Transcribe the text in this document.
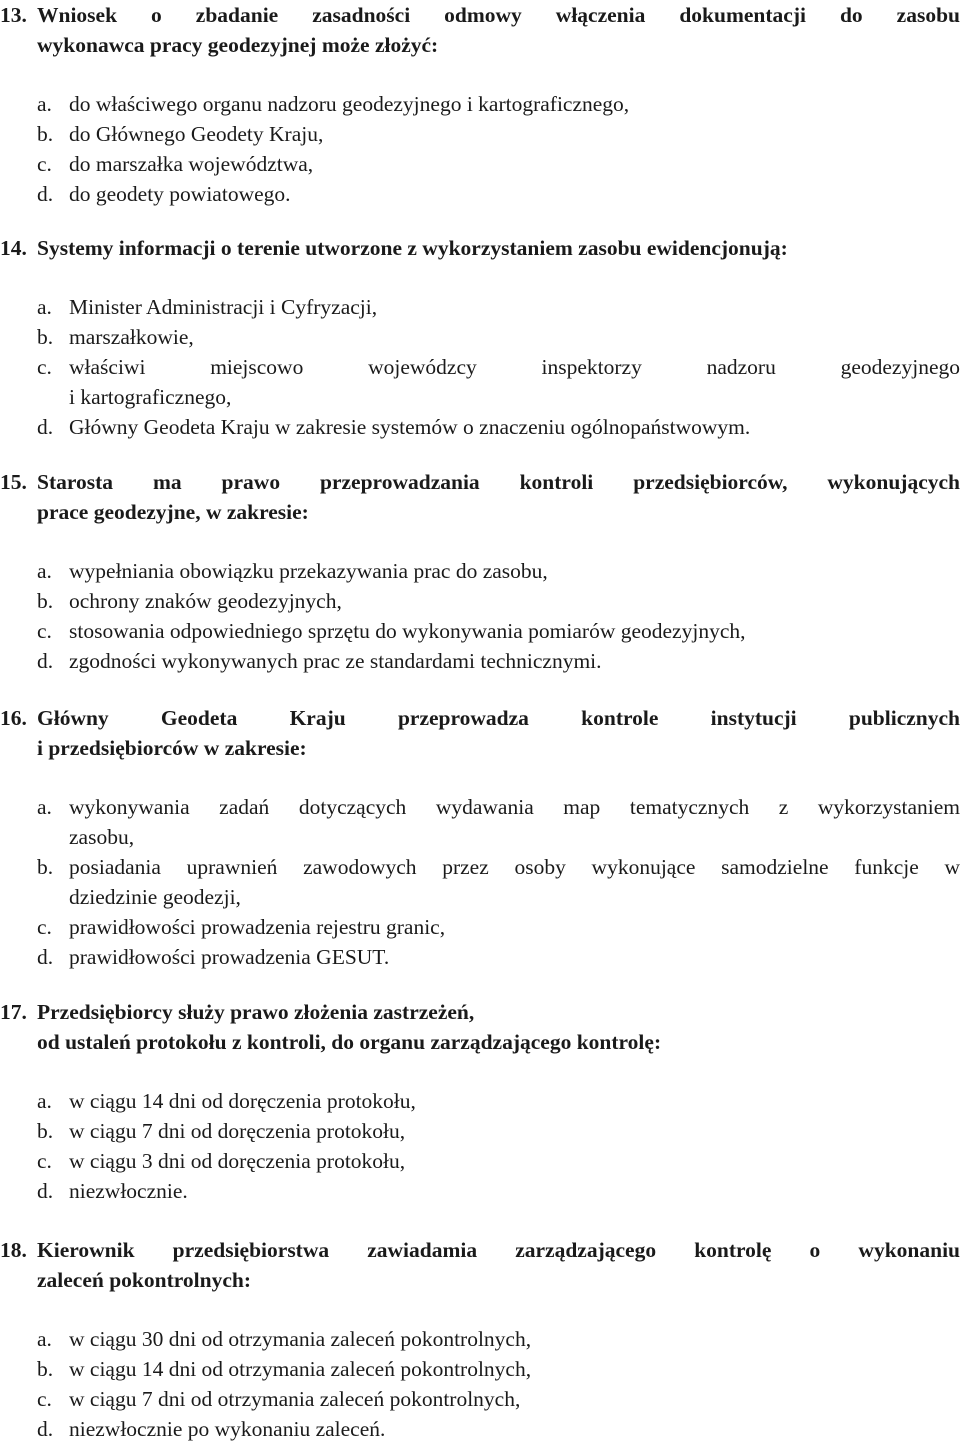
13. Wniosek o zbadanie zasadności odmowy włączenia dokumentacji do zasobu
wykonawca pracy geodezyjnej może złożyć:
a. do właściwego organu nadzoru geodezyjnego i kartograficznego,
b. do Głównego Geodety Kraju,
c. do marszałka województwa,
d. do geodety powiatowego.
14. Systemy informacji o terenie utworzone z wykorzystaniem zasobu ewidencjonują:
a. Minister Administracji i Cyfryzacji,
b. marszałkowie,
c. właściwi miejscowo wojewódzcy inspektorzy nadzoru geodezyjnego
i kartograficznego,
d. Główny Geodeta Kraju w zakresie systemów o znaczeniu ogólnopaństwowym.
15. Starosta ma prawo przeprowadzania kontroli przedsiębiorców, wykonujących
prace geodezyjne, w zakresie:
a. wypełniania obowiązku przekazywania prac do zasobu,
b. ochrony znaków geodezyjnych,
c. stosowania odpowiedniego sprzętu do wykonywania pomiarów geodezyjnych,
d. zgodności wykonywanych prac ze standardami technicznymi.
16. Główny Geodeta Kraju przeprowadza kontrole instytucji publicznych
i przedsiębiorców w zakresie:
a. wykonywania zadań dotyczących wydawania map tematycznych z wykorzystaniem
zasobu,
b. posiadania uprawnień zawodowych przez osoby wykonujące samodzielne funkcje w
dziedzinie geodezji,
c. prawidłowości prowadzenia rejestru granic,
d. prawidłowości prowadzenia GESUT.
17. Przedsiębiorcy służy prawo złożenia zastrzeżeń,
od ustaleń protokołu z kontroli, do organu zarządzającego kontrolę:
a. w ciągu 14 dni od doręczenia protokołu,
b. w ciągu 7 dni od doręczenia protokołu,
c. w ciągu 3 dni od doręczenia protokołu,
d. niezwłocznie.
18. Kierownik przedsiębiorstwa zawiadamia zarządzającego kontrolę o wykonaniu
zaleceń pokontrolnych:
a. w ciągu 30 dni od otrzymania zaleceń pokontrolnych,
b. w ciągu 14 dni od otrzymania zaleceń pokontrolnych,
c. w ciągu 7 dni od otrzymania zaleceń pokontrolnych,
d. niezwłocznie po wykonaniu zaleceń.
